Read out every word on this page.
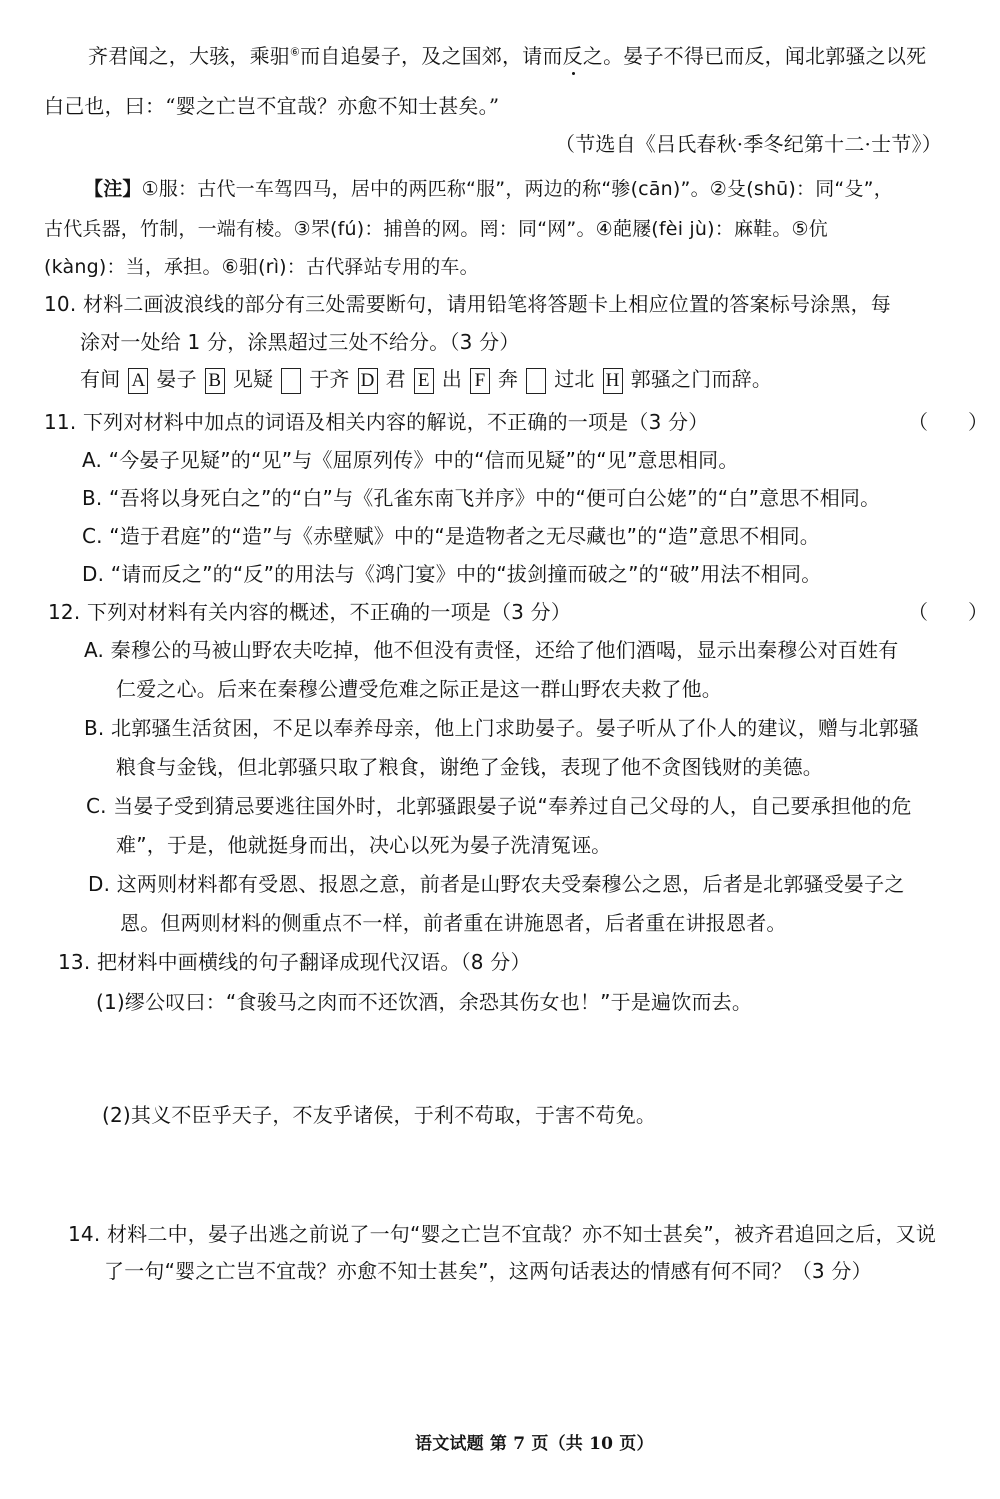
齐君闻之，大骇，乘驲⑥而自追晏子，及之国郊，请而反之。晏子不得已而反，闻北郭骚之以死
白己也，曰：“婴之亡岂不宜哉？亦愈不知士甚矣。”
（节选自《吕氏春秋·季冬纪第十二·士节》）
【注】①服：古代一车驾四马，居中的两匹称“服”，两边的称“骖(cān)”。②殳(shū)：同“殳”，
古代兵器，竹制，一端有棱。③罘(fú)：捕兽的网。罔：同“网”。④葩屦(fèi jù)：麻鞋。⑤伉
(kàng)：当，承担。⑥驲(rì)：古代驿站专用的车。
10. 材料二画波浪线的部分有三处需要断句，请用铅笔将答题卡上相应位置的答案标号涂黑，每
涂对一处给 1 分，涂黑超过三处不给分。（3 分）
有间 A 晏子 B 见疑 于齐 D 君 E 出 F 奔 过北 H 郭骚之门而辞。
11. 下列对材料中加点的词语及相关内容的解说，不正确的一项是（3 分）	（　　）
A. “今晏子见疑”的“见”与《屈原列传》中的“信而见疑”的“见”意思相同。
B. “吾将以身死白之”的“白”与《孔雀东南飞并序》中的“便可白公姥”的“白”意思不相同。
C. “造于君庭”的“造”与《赤壁赋》中的“是造物者之无尽藏也”的“造”意思不相同。
D. “请而反之”的“反”的用法与《鸿门宴》中的“拔剑撞而破之”的“破”用法不相同。
12. 下列对材料有关内容的概述，不正确的一项是（3 分）	（　　）
A. 秦穆公的马被山野农夫吃掉，他不但没有责怪，还给了他们酒喝，显示出秦穆公对百姓有
仁爱之心。后来在秦穆公遭受危难之际正是这一群山野农夫救了他。
B. 北郭骚生活贫困，不足以奉养母亲，他上门求助晏子。晏子听从了仆人的建议，赠与北郭骚
粮食与金钱，但北郭骚只取了粮食，谢绝了金钱，表现了他不贪图钱财的美德。
C. 当晏子受到猜忌要逃往国外时，北郭骚跟晏子说“奉养过自己父母的人，自己要承担他的危
难”，于是，他就挺身而出，决心以死为晏子洗清冤诬。
D. 这两则材料都有受恩、报恩之意，前者是山野农夫受秦穆公之恩，后者是北郭骚受晏子之
恩。但两则材料的侧重点不一样，前者重在讲施恩者，后者重在讲报恩者。
13. 把材料中画横线的句子翻译成现代汉语。（8 分）
(1)缪公叹曰：“食骏马之肉而不还饮酒，余恐其伤女也！”于是遍饮而去。
(2)其义不臣乎天子，不友乎诸侯，于利不苟取，于害不苟免。
14. 材料二中，晏子出逃之前说了一句“婴之亡岂不宜哉？亦不知士甚矣”，被齐君追回之后，又说
了一句“婴之亡岂不宜哉？亦愈不知士甚矣”，这两句话表达的情感有何不同？（3 分）
语文试题 第 7 页（共 10 页）
